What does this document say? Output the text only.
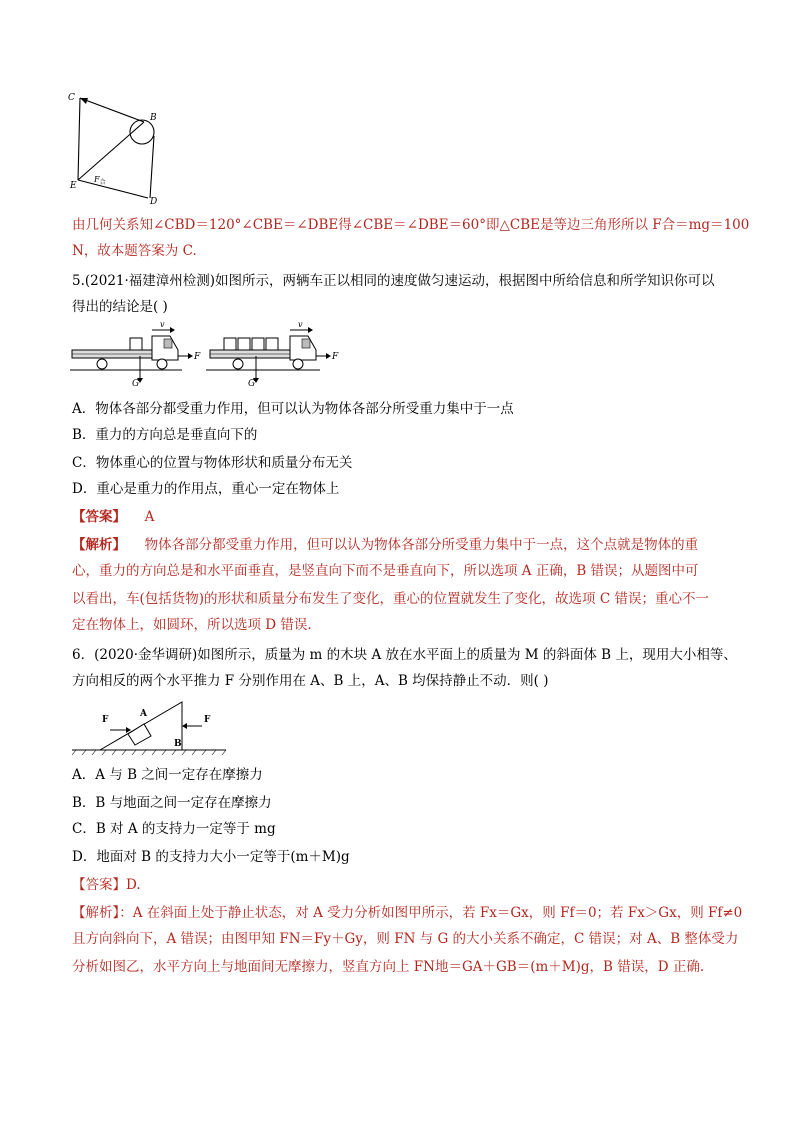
C
B
E
D
$F_合$
由几何关系知∠CBD＝120°∠CBE＝∠DBE得∠CBE＝∠DBE＝60°即△CBE是等边三角形所以 F合＝mg＝100
N，故本题答案为 C.
5.(2021·福建漳州检测)如图所示，两辆车正以相同的速度做匀速运动，根据图中所给信息和所学知识你可以
得出的结论是( )
v
F
G
v
F
G
A．物体各部分都受重力作用，但可以认为物体各部分所受重力集中于一点
B．重力的方向总是垂直向下的
C．物体重心的位置与物体形状和质量分布无关
D．重心是重力的作用点，重心一定在物体上
【答案】 A
【解析】 物体各部分都受重力作用，但可以认为物体各部分所受重力集中于一点，这个点就是物体的重
心，重力的方向总是和水平面垂直，是竖直向下而不是垂直向下，所以选项 A 正确，B 错误；从题图中可
以看出，车(包括货物)的形状和质量分布发生了变化，重心的位置就发生了变化，故选项 C 错误；重心不一
定在物体上，如圆环，所以选项 D 错误.
6．(2020·金华调研)如图所示，质量为 m 的木块 A 放在水平面上的质量为 M 的斜面体 B 上，现用大小相等、
方向相反的两个水平推力 F 分别作用在 A、B 上，A、B 均保持静止不动．则( )
A
F	F
B
A．A 与 B 之间一定存在摩擦力
B．B 与地面之间一定存在摩擦力
C．B 对 A 的支持力一定等于 mg
D．地面对 B 的支持力大小一定等于(m＋M)g
【答案】D.
【解析】：A 在斜面上处于静止状态，对 A 受力分析如图甲所示，若 Fx＝Gx，则 Ff＝0；若 Fx＞Gx，则 Ff≠0
且方向斜向下，A 错误；由图甲知 FN＝Fy＋Gy，则 FN 与 G 的大小关系不确定，C 错误；对 A、B 整体受力
分析如图乙，水平方向上与地面间无摩擦力，竖直方向上 FN地＝GA＋GB＝(m＋M)g，B 错误，D 正确.
